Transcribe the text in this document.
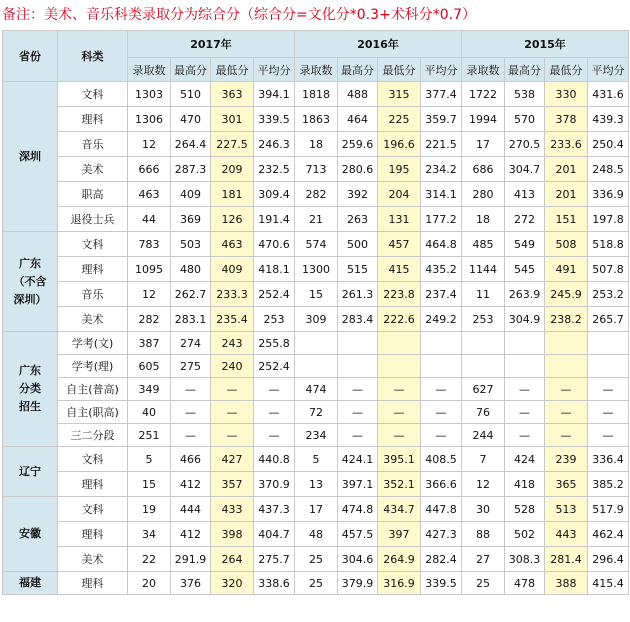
备注：美术、音乐科类录取分为综合分（综合分=文化分*0.3+术科分*0.7）
省份	科类	2017年				2016年				2015年			
		录取数	最高分	最低分	平均分	录取数	最高分	最低分	平均分	录取数	最高分	最低分	平均分
深圳	文科	1303	510	363	394.1	1818	488	315	377.4	1722	538	330	431.6
	理科	1306	470	301	339.5	1863	464	225	359.7	1994	570	378	439.3
	音乐	12	264.4	227.5	246.3	18	259.6	196.6	221.5	17	270.5	233.6	250.4
	美术	666	287.3	209	232.5	713	280.6	195	234.2	686	304.7	201	248.5
	职高	463	409	181	309.4	282	392	204	314.1	280	413	201	336.9
	退役士兵	44	369	126	191.4	21	263	131	177.2	18	272	151	197.8
广东（不含深圳）	文科	783	503	463	470.6	574	500	457	464.8	485	549	508	518.8
	理科	1095	480	409	418.1	1300	515	415	435.2	1144	545	491	507.8
	音乐	12	262.7	233.3	252.4	15	261.3	223.8	237.4	11	263.9	245.9	253.2
	美术	282	283.1	235.4	253	309	283.4	222.6	249.2	253	304.9	238.2	265.7
广东分类招生	学考(文)	387	274	243	255.8								
	学考(理)	605	275	240	252.4								
	自主(普高)	349	—	—	—	474	—	—	—	627	—	—	—
	自主(职高)	40	—	—	—	72	—	—	—	76	—	—	—
	三二分段	251	—	—	—	234	—	—	—	244	—	—	—
辽宁	文科	5	466	427	440.8	5	424.1	395.1	408.5	7	424	239	336.4
	理科	15	412	357	370.9	13	397.1	352.1	366.6	12	418	365	385.2
安徽	文科	19	444	433	437.3	17	474.8	434.7	447.8	30	528	513	517.9
	理科	34	412	398	404.7	48	457.5	397	427.3	88	502	443	462.4
	美术	22	291.9	264	275.7	25	304.6	264.9	282.4	27	308.3	281.4	296.4
福建	理科	20	376	320	338.6	25	379.9	316.9	339.5	25	478	388	415.4
